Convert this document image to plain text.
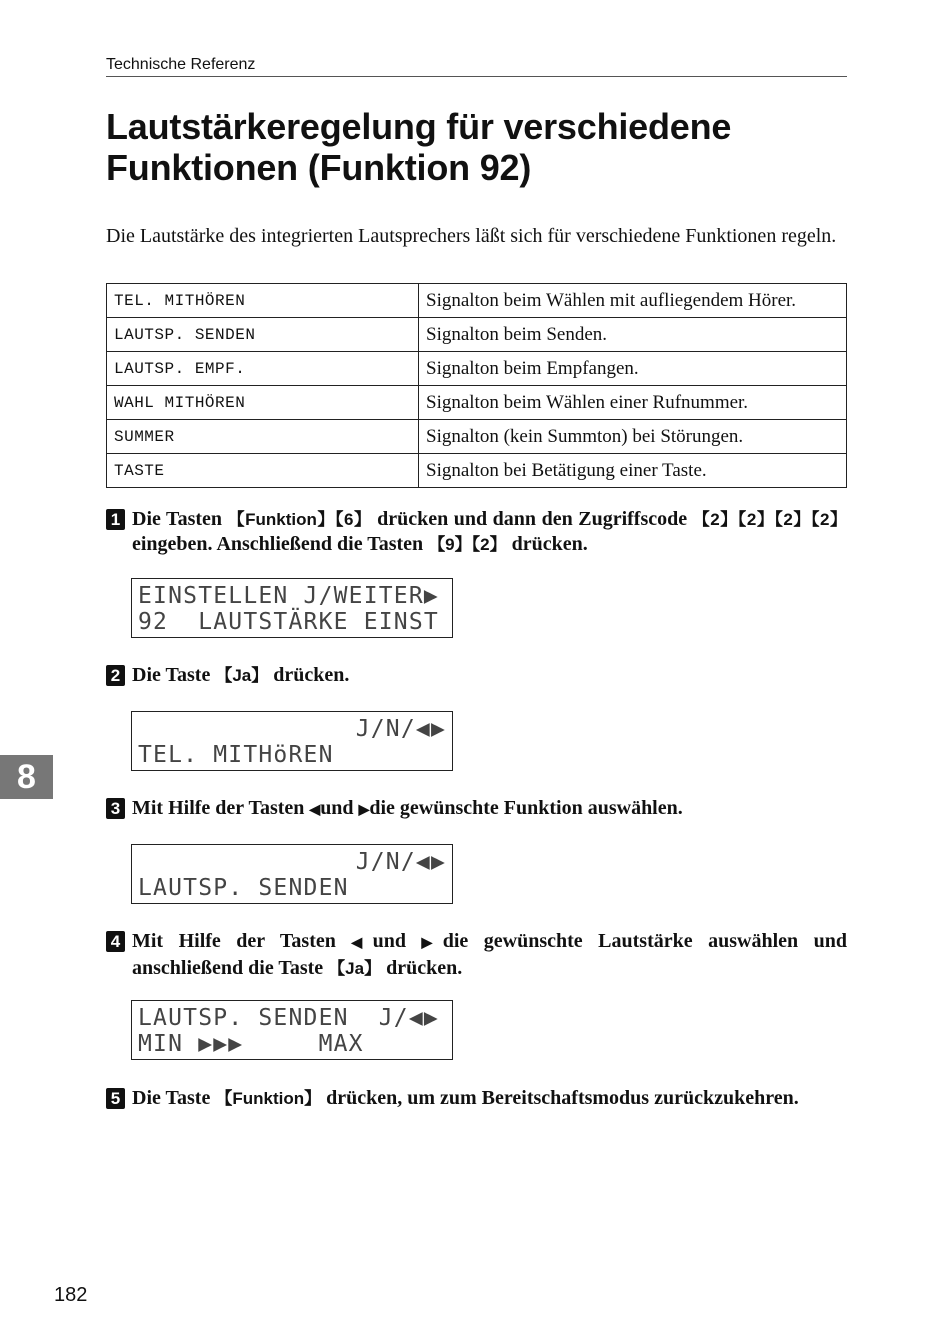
Technische Referenz
Lautstärkeregelung für verschiedene
Funktionen (Funktion 92)

Die Lautstärke des integrierten Lautsprechers läßt sich für verschiedene Funktionen regeln.

TEL. MITHÖREN	Signalton beim Wählen mit aufliegendem Hörer.
LAUTSP. SENDEN	Signalton beim Senden.
LAUTSP. EMPF.	Signalton beim Empfangen.
WAHL MITHÖREN	Signalton beim Wählen einer Rufnummer.
SUMMER	Signalton (kein Summton) bei Störungen.
TASTE	Signalton bei Betätigung einer Taste.
1 Die Tasten 【Funktion】【6】 drücken und dann den Zugriffscode 【2】【2】【2】【2】 eingeben. Anschließend die Tasten 【9】【2】 drücken.
EINSTELLEN J/WEITER▶
92  LAUTSTÄRKE EINST
2 Die Taste 【Ja】 drücken.
J/N/◀▶
TEL. MITHöREN
3 Mit Hilfe der Tasten ◀und ▶die gewünschte Funktion auswählen.
J/N/◀▶
LAUTSP. SENDEN
4 Mit Hilfe der Tasten ◀und ▶die gewünschte Lautstärke auswählen und anschließend die Taste 【Ja】 drücken.
LAUTSP. SENDEN  J/◀▶
MIN ▶▶▶     MAX
5 Die Taste 【Funktion】 drücken, um zum Bereitschaftsmodus zurückzukehren.
8
182
